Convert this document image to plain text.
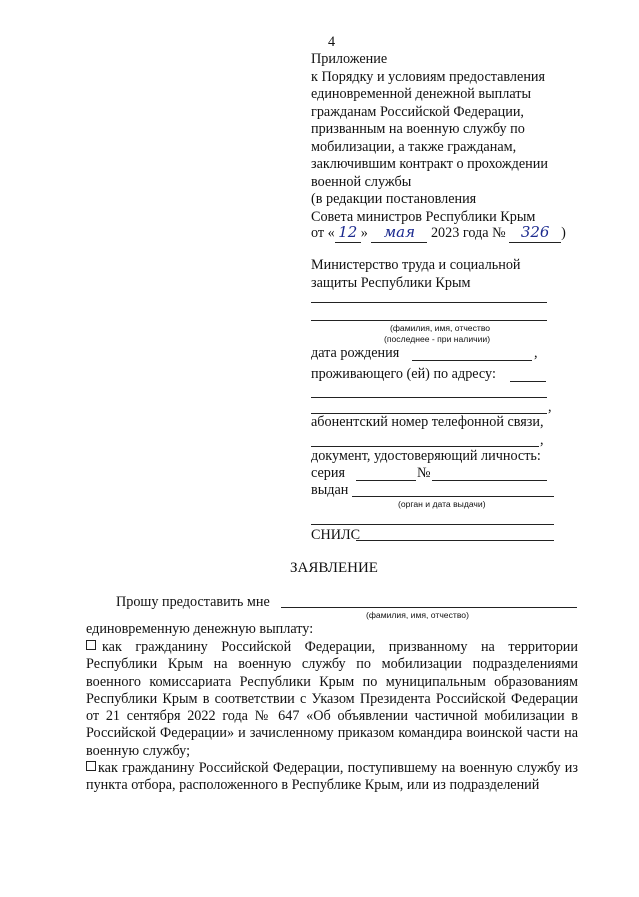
4
Приложение
к Порядку и условиям предоставления
единовременной денежной выплаты
гражданам Российской Федерации,
призванным на военную службу по
мобилизации, а также гражданам,
заключившим контракт о прохождении
военной службы
(в редакции постановления
Совета министров Республики Крым
от « 12 » мая 2023 года № 326 )
Министерство труда и социальной
защиты Республики Крым
(фамилия, имя, отчество
(последнее - при наличии)
дата рождения	,
проживающего (ей) по адресу:
,
абонентский номер телефонной связи,
,
документ, удостоверяющий личность:
серия	№
выдан
(орган и дата выдачи)
СНИЛС
ЗАЯВЛЕНИЕ
Прошу предоставить мне
(фамилия, имя, отчество)
единовременную денежную выплату:
как гражданину Российской Федерации, призванному на территории Республики Крым на военную службу по мобилизации подразделениями военного комиссариата Республики Крым по муниципальным образованиям Республики Крым в соответствии с Указом Президента Российской Федерации от 21 сентября 2022 года № 647 «Об объявлении частичной мобилизации в Российской Федерации» и зачисленному приказом командира воинской части на военную службу;
как гражданину Российской Федерации, поступившему на военную службу из пункта отбора, расположенного в Республике Крым, или из подразделений
